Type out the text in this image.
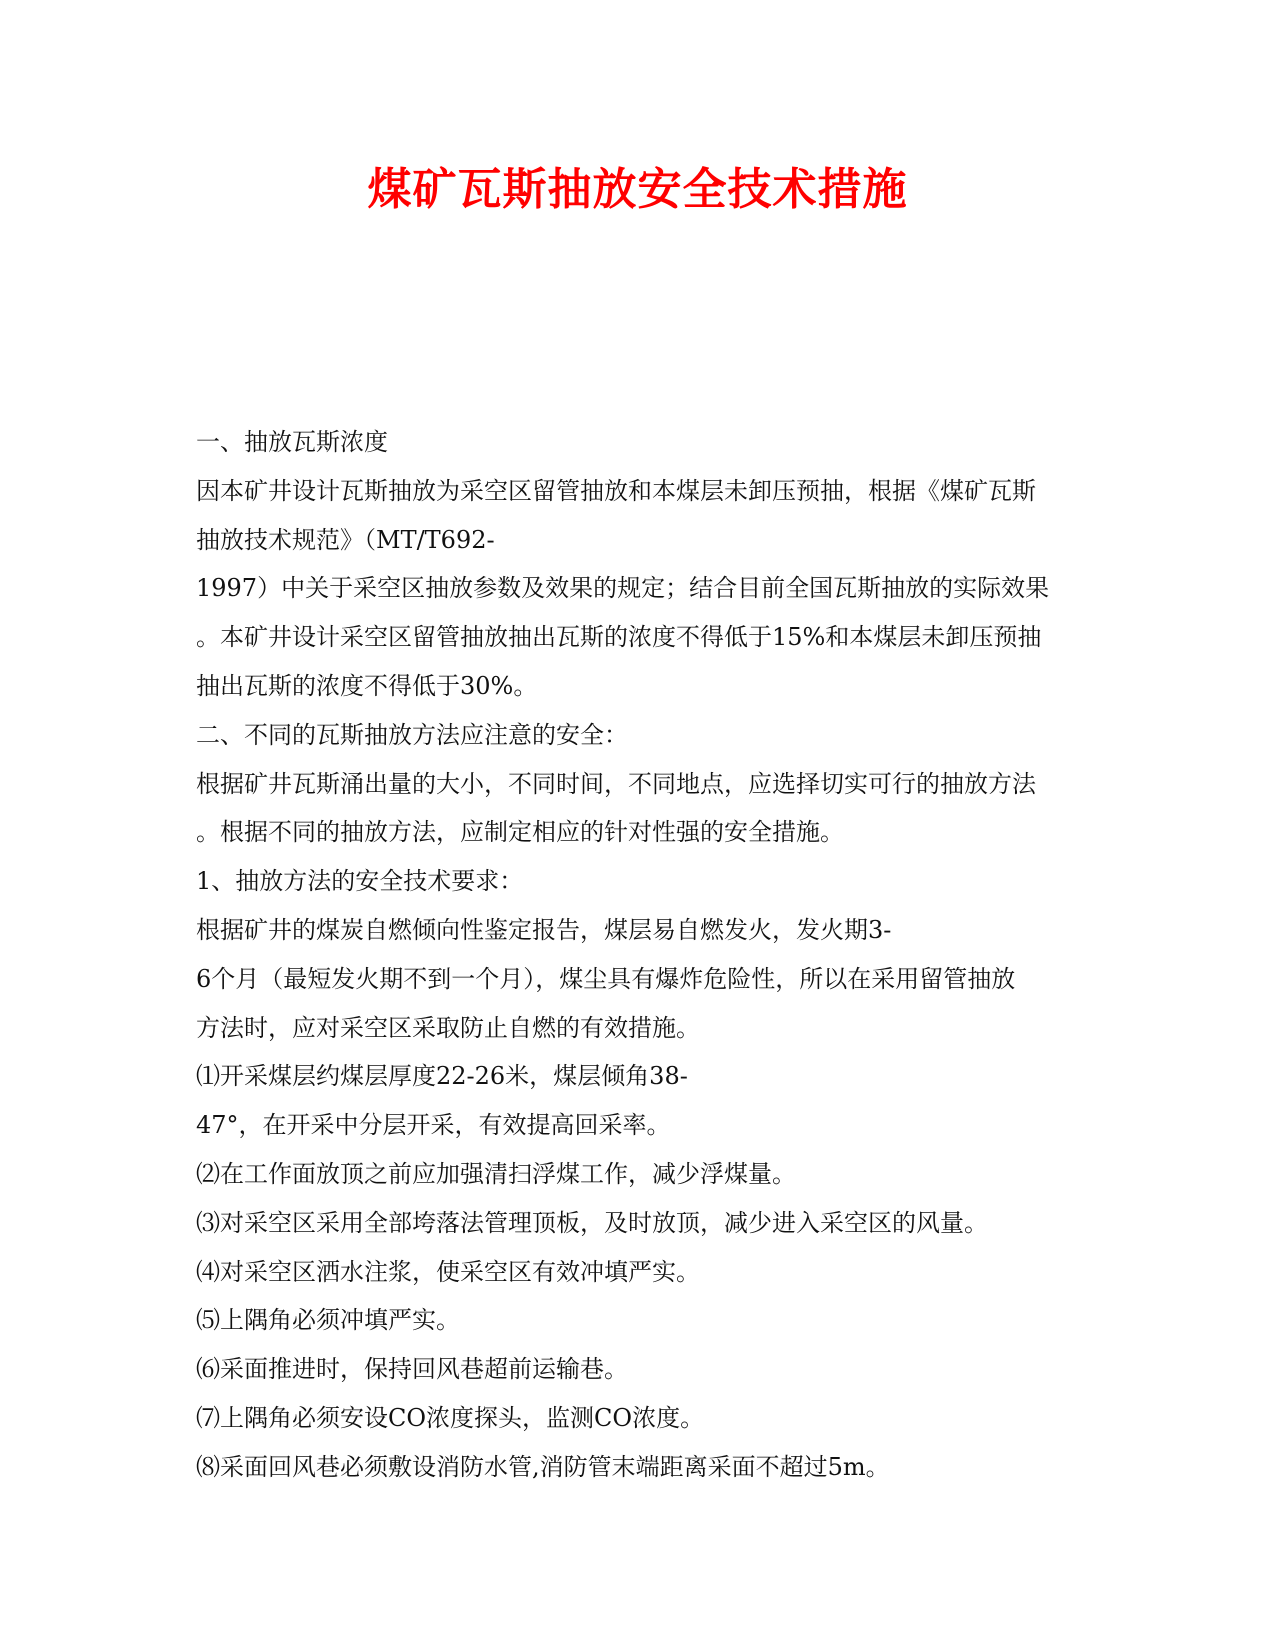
煤矿瓦斯抽放安全技术措施
一、抽放瓦斯浓度
因本矿井设计瓦斯抽放为采空区留管抽放和本煤层未卸压预抽，根据《煤矿瓦斯
抽放技术规范》（MT/T692-
1997）中关于采空区抽放参数及效果的规定；结合目前全国瓦斯抽放的实际效果
。本矿井设计采空区留管抽放抽出瓦斯的浓度不得低于15%和本煤层未卸压预抽
抽出瓦斯的浓度不得低于30%。
二、不同的瓦斯抽放方法应注意的安全：
根据矿井瓦斯涌出量的大小，不同时间，不同地点，应选择切实可行的抽放方法
。根据不同的抽放方法，应制定相应的针对性强的安全措施。
1、抽放方法的安全技术要求：
根据矿井的煤炭自燃倾向性鉴定报告，煤层易自燃发火，发火期3-
6个月（最短发火期不到一个月），煤尘具有爆炸危险性，所以在采用留管抽放
方法时，应对采空区采取防止自燃的有效措施。
⑴开采煤层约煤层厚度22-26米，煤层倾角38-
47°，在开采中分层开采，有效提高回采率。
⑵在工作面放顶之前应加强清扫浮煤工作，减少浮煤量。
⑶对采空区采用全部垮落法管理顶板，及时放顶，减少进入采空区的风量。
⑷对采空区洒水注浆，使采空区有效冲填严实。
⑸上隅角必须冲填严实。
⑹采面推进时，保持回风巷超前运输巷。
⑺上隅角必须安设CO浓度探头，监测CO浓度。
⑻采面回风巷必须敷设消防水管,消防管末端距离采面不超过5m。
